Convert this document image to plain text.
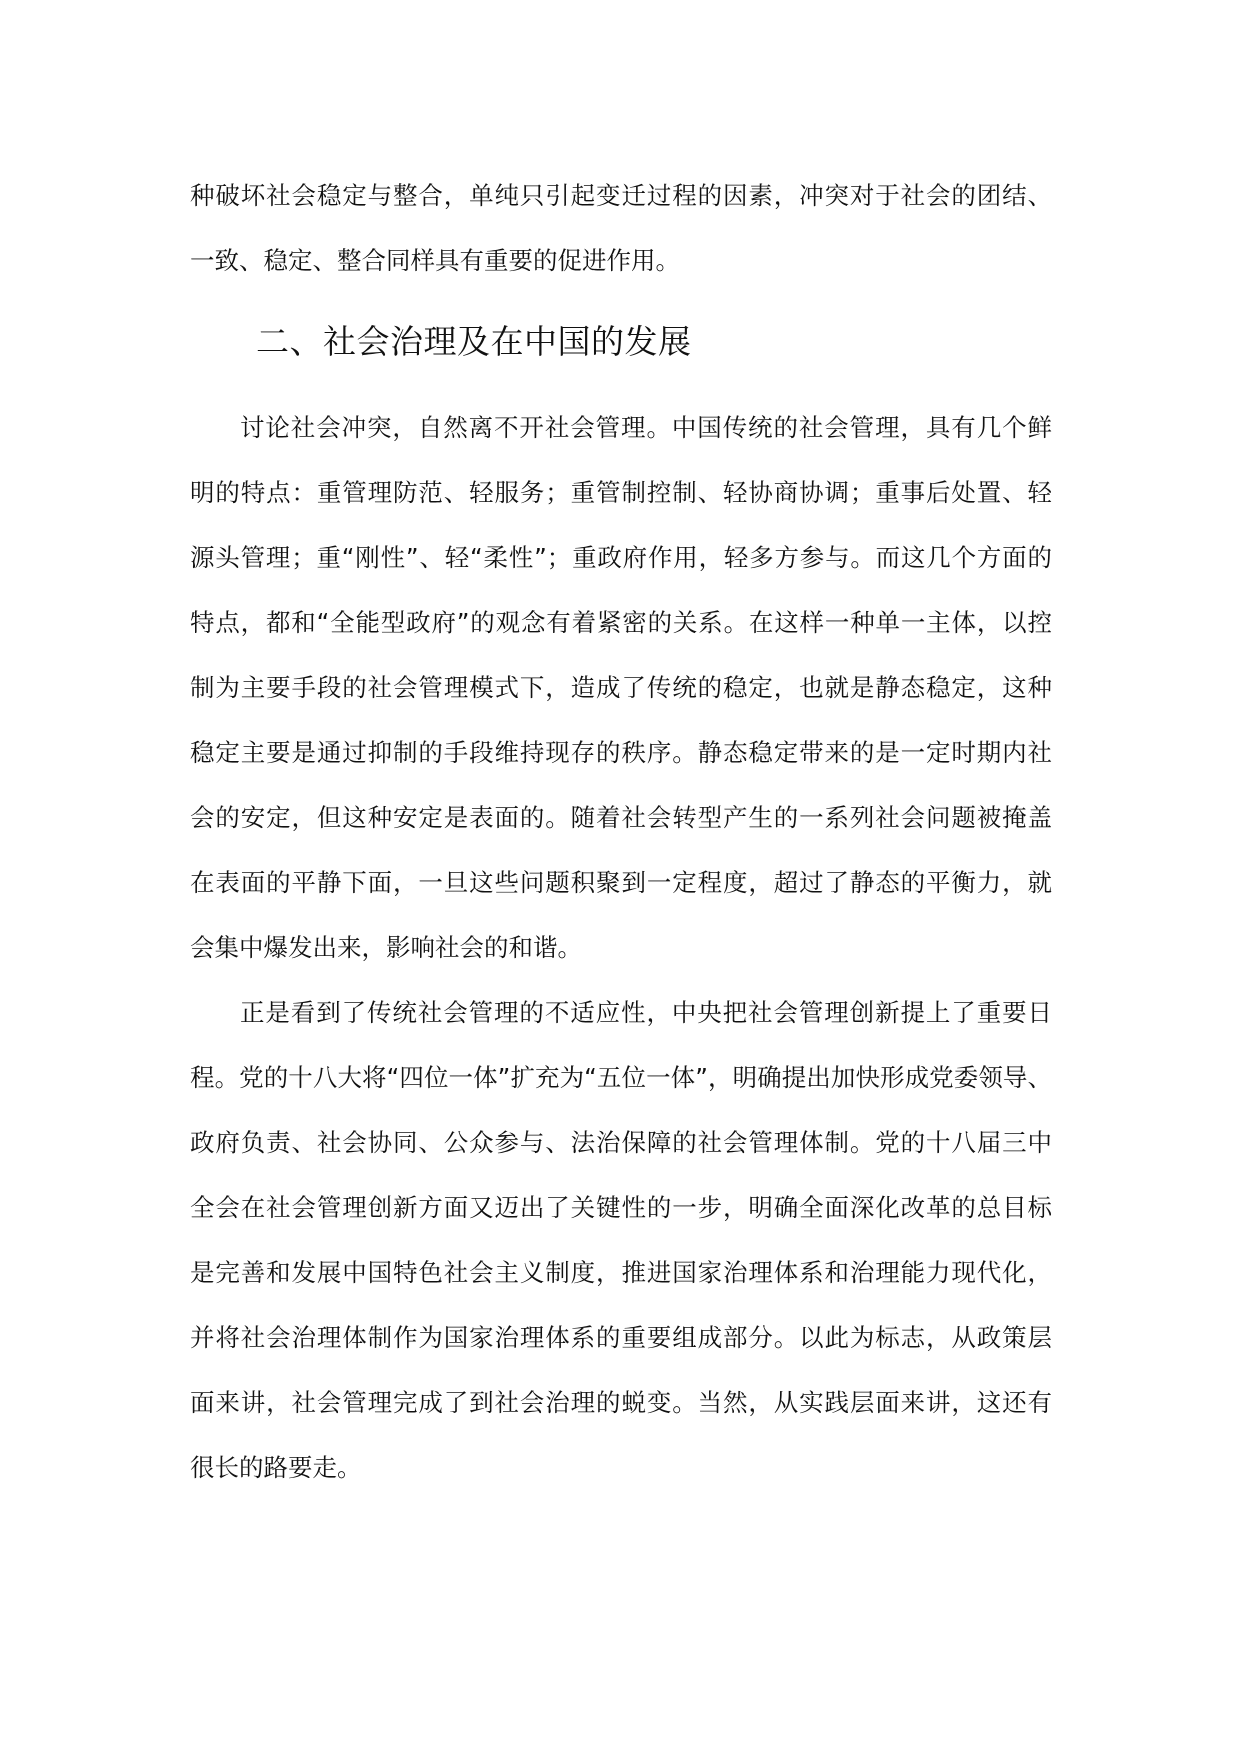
种破坏社会稳定与整合，单纯只引起变迁过程的因素，冲突对于社会的团结、
一致、稳定、整合同样具有重要的促进作用。
二、社会治理及在中国的发展
讨论社会冲突，自然离不开社会管理。中国传统的社会管理，具有几个鲜
明的特点：重管理防范、轻服务；重管制控制、轻协商协调；重事后处置、轻
源头管理；重“刚性”、轻“柔性”；重政府作用，轻多方参与。而这几个方面的
特点，都和“全能型政府”的观念有着紧密的关系。在这样一种单一主体，以控
制为主要手段的社会管理模式下，造成了传统的稳定，也就是静态稳定，这种
稳定主要是通过抑制的手段维持现存的秩序。静态稳定带来的是一定时期内社
会的安定，但这种安定是表面的。随着社会转型产生的一系列社会问题被掩盖
在表面的平静下面，一旦这些问题积聚到一定程度，超过了静态的平衡力，就
会集中爆发出来，影响社会的和谐。
正是看到了传统社会管理的不适应性，中央把社会管理创新提上了重要日
程。党的十八大将“四位一体”扩充为“五位一体”，明确提出加快形成党委领导、
政府负责、社会协同、公众参与、法治保障的社会管理体制。党的十八届三中
全会在社会管理创新方面又迈出了关键性的一步，明确全面深化改革的总目标
是完善和发展中国特色社会主义制度，推进国家治理体系和治理能力现代化，
并将社会治理体制作为国家治理体系的重要组成部分。以此为标志，从政策层
面来讲，社会管理完成了到社会治理的蜕变。当然，从实践层面来讲，这还有
很长的路要走。
